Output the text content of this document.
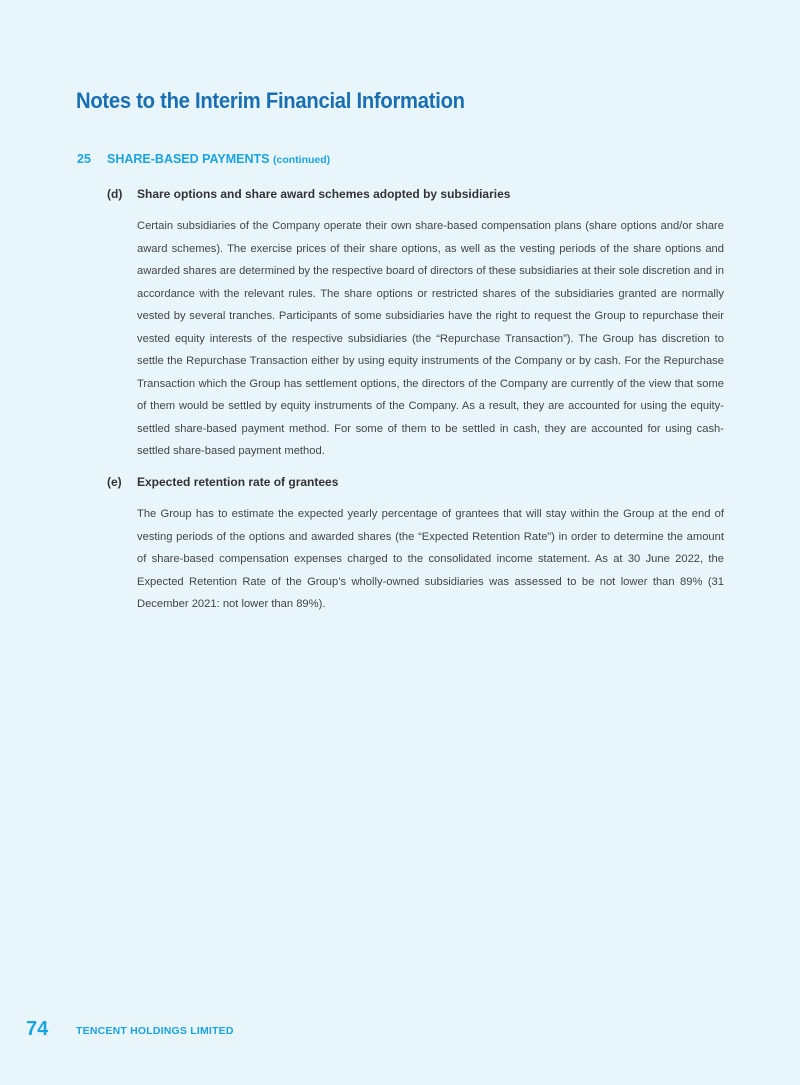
Notes to the Interim Financial Information
25 SHARE-BASED PAYMENTS (continued)
(d) Share options and share award schemes adopted by subsidiaries
Certain subsidiaries of the Company operate their own share-based compensation plans (share options and/or share award schemes). The exercise prices of their share options, as well as the vesting periods of the share options and awarded shares are determined by the respective board of directors of these subsidiaries at their sole discretion and in accordance with the relevant rules. The share options or restricted shares of the subsidiaries granted are normally vested by several tranches. Participants of some subsidiaries have the right to request the Group to repurchase their vested equity interests of the respective subsidiaries (the “Repurchase Transaction”). The Group has discretion to settle the Repurchase Transaction either by using equity instruments of the Company or by cash. For the Repurchase Transaction which the Group has settlement options, the directors of the Company are currently of the view that some of them would be settled by equity instruments of the Company. As a result, they are accounted for using the equity-settled share-based payment method. For some of them to be settled in cash, they are accounted for using cash-settled share-based payment method.
(e) Expected retention rate of grantees
The Group has to estimate the expected yearly percentage of grantees that will stay within the Group at the end of vesting periods of the options and awarded shares (the “Expected Retention Rate”) in order to determine the amount of share-based compensation expenses charged to the consolidated income statement. As at 30 June 2022, the Expected Retention Rate of the Group’s wholly-owned subsidiaries was assessed to be not lower than 89% (31 December 2021: not lower than 89%).
74	TENCENT HOLDINGS LIMITED
